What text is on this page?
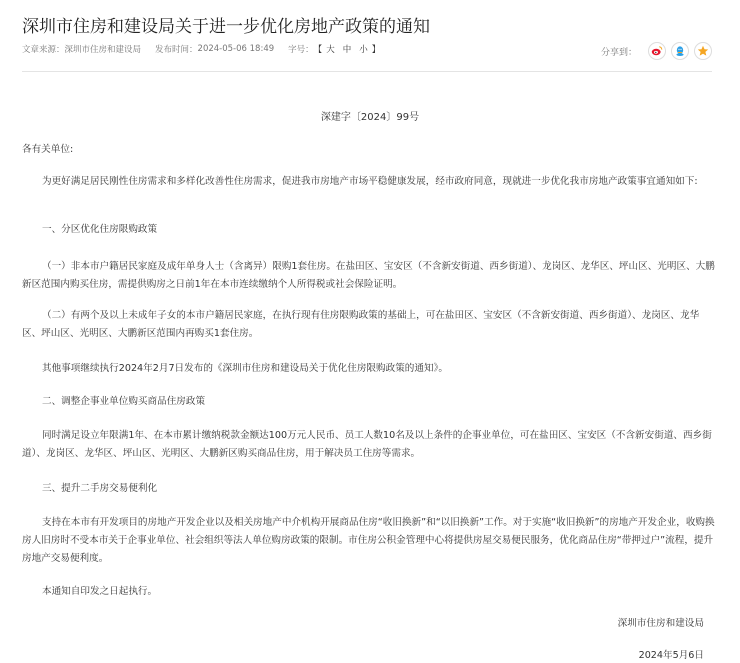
深圳市住房和建设局关于进一步优化房地产政策的通知
文章来源： 深圳市住房和建设局 发布时间： 2024-05-06 18:49 字号： 【 大 中 小 】	分享到：
深建字〔2024〕99号

各有关单位:

为更好满足居民刚性住房需求和多样化改善性住房需求，促进我市房地产市场平稳健康发展，经市政府同意，现就进一步优化我市房地产政策事宜通知如下:

一、分区优化住房限购政策

（一）非本市户籍居民家庭及成年单身人士（含离异）限购1套住房。在盐田区、宝安区（不含新安街道、西乡街道）、龙岗区、龙华区、坪山区、光明区、大鹏新区范围内购买住房，需提供购房之日前1年在本市连续缴纳个人所得税或社会保险证明。

（二）有两个及以上未成年子女的本市户籍居民家庭，在执行现有住房限购政策的基础上，可在盐田区、宝安区（不含新安街道、西乡街道）、龙岗区、龙华区、坪山区、光明区、大鹏新区范围内再购买1套住房。

其他事项继续执行2024年2月7日发布的《深圳市住房和建设局关于优化住房限购政策的通知》。

二、调整企事业单位购买商品住房政策

同时满足设立年限满1年、在本市累计缴纳税款金额达100万元人民币、员工人数10名及以上条件的企事业单位，可在盐田区、宝安区（不含新安街道、西乡街道）、龙岗区、龙华区、坪山区、光明区、大鹏新区购买商品住房，用于解决员工住房等需求。

三、提升二手房交易便利化

支持在本市有开发项目的房地产开发企业以及相关房地产中介机构开展商品住房“收旧换新”和“以旧换新”工作。对于实施“收旧换新”的房地产开发企业，收购换房人旧房时不受本市关于企事业单位、社会组织等法人单位购房政策的限制。市住房公积金管理中心将提供房屋交易便民服务，优化商品住房“带押过户”流程，提升房地产交易便利度。

本通知自印发之日起执行。

深圳市住房和建设局
2024年5月6日
